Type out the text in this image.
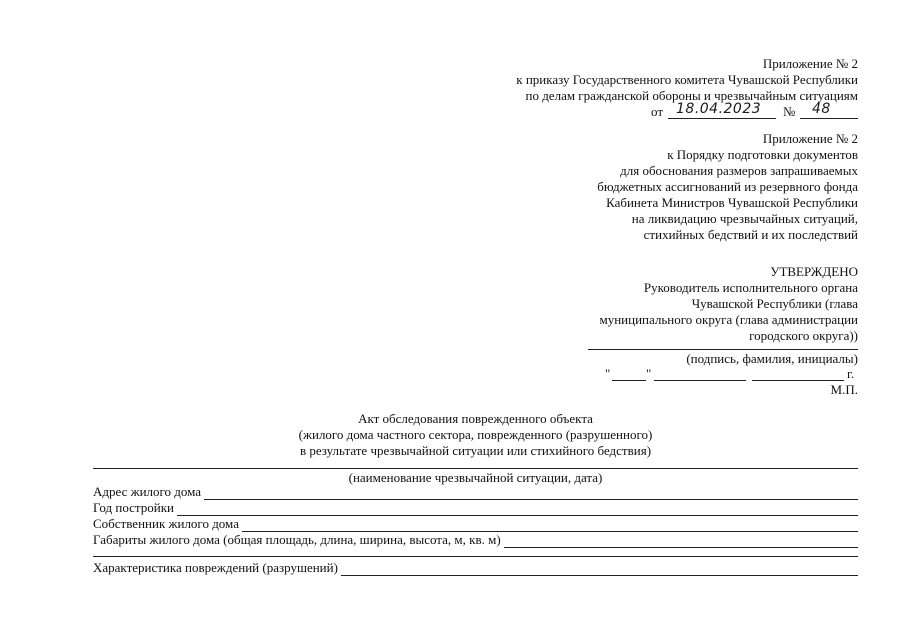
Приложение № 2
к приказу Государственного комитета Чувашской Республики
по делам гражданской обороны и чрезвычайным ситуациям
от 18.04.2023 № 48
Приложение № 2
к Порядку подготовки документов
для обоснования размеров запрашиваемых
бюджетных ассигнований из резервного фонда
Кабинета Министров Чувашской Республики
на ликвидацию чрезвычайных ситуаций,
стихийных бедствий и их последствий
УТВЕРЖДЕНО
Руководитель исполнительного органа
Чувашской Республики (глава
муниципального округа (глава администрации
городского округа))
(подпись, фамилия, инициалы)
"	"	г.
М.П.
Акт обследования поврежденного объекта
(жилого дома частного сектора, поврежденного (разрушенного)
в результате чрезвычайной ситуации или стихийного бедствия)
(наименование чрезвычайной ситуации, дата)
Адрес жилого дома
Год постройки
Собственник жилого дома
Габариты жилого дома (общая площадь, длина, ширина, высота, м, кв. м)
Характеристика повреждений (разрушений)
